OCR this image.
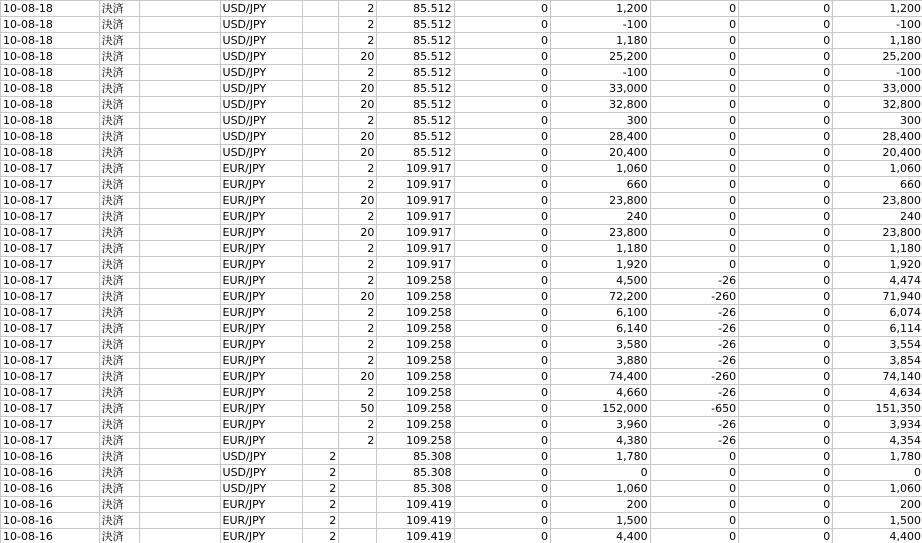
10-08-18	決済		USD/JPY		2	85.512	0	1,200	0	0	1,200
10-08-18	決済		USD/JPY		2	85.512	0	-100	0	0	-100
10-08-18	決済		USD/JPY		2	85.512	0	1,180	0	0	1,180
10-08-18	決済		USD/JPY		20	85.512	0	25,200	0	0	25,200
10-08-18	決済		USD/JPY		2	85.512	0	-100	0	0	-100
10-08-18	決済		USD/JPY		20	85.512	0	33,000	0	0	33,000
10-08-18	決済		USD/JPY		20	85.512	0	32,800	0	0	32,800
10-08-18	決済		USD/JPY		2	85.512	0	300	0	0	300
10-08-18	決済		USD/JPY		20	85.512	0	28,400	0	0	28,400
10-08-18	決済		USD/JPY		20	85.512	0	20,400	0	0	20,400
10-08-17	決済		EUR/JPY		2	109.917	0	1,060	0	0	1,060
10-08-17	決済		EUR/JPY		2	109.917	0	660	0	0	660
10-08-17	決済		EUR/JPY		20	109.917	0	23,800	0	0	23,800
10-08-17	決済		EUR/JPY		2	109.917	0	240	0	0	240
10-08-17	決済		EUR/JPY		20	109.917	0	23,800	0	0	23,800
10-08-17	決済		EUR/JPY		2	109.917	0	1,180	0	0	1,180
10-08-17	決済		EUR/JPY		2	109.917	0	1,920	0	0	1,920
10-08-17	決済		EUR/JPY		2	109.258	0	4,500	-26	0	4,474
10-08-17	決済		EUR/JPY		20	109.258	0	72,200	-260	0	71,940
10-08-17	決済		EUR/JPY		2	109.258	0	6,100	-26	0	6,074
10-08-17	決済		EUR/JPY		2	109.258	0	6,140	-26	0	6,114
10-08-17	決済		EUR/JPY		2	109.258	0	3,580	-26	0	3,554
10-08-17	決済		EUR/JPY		2	109.258	0	3,880	-26	0	3,854
10-08-17	決済		EUR/JPY		20	109.258	0	74,400	-260	0	74,140
10-08-17	決済		EUR/JPY		2	109.258	0	4,660	-26	0	4,634
10-08-17	決済		EUR/JPY		50	109.258	0	152,000	-650	0	151,350
10-08-17	決済		EUR/JPY		2	109.258	0	3,960	-26	0	3,934
10-08-17	決済		EUR/JPY		2	109.258	0	4,380	-26	0	4,354
10-08-16	決済		USD/JPY	2		85.308	0	1,780	0	0	1,780
10-08-16	決済		USD/JPY	2		85.308	0	0	0	0	0
10-08-16	決済		USD/JPY	2		85.308	0	1,060	0	0	1,060
10-08-16	決済		EUR/JPY	2		109.419	0	200	0	0	200
10-08-16	決済		EUR/JPY	2		109.419	0	1,500	0	0	1,500
10-08-16	決済		EUR/JPY	2		109.419	0	4,400	0	0	4,400
